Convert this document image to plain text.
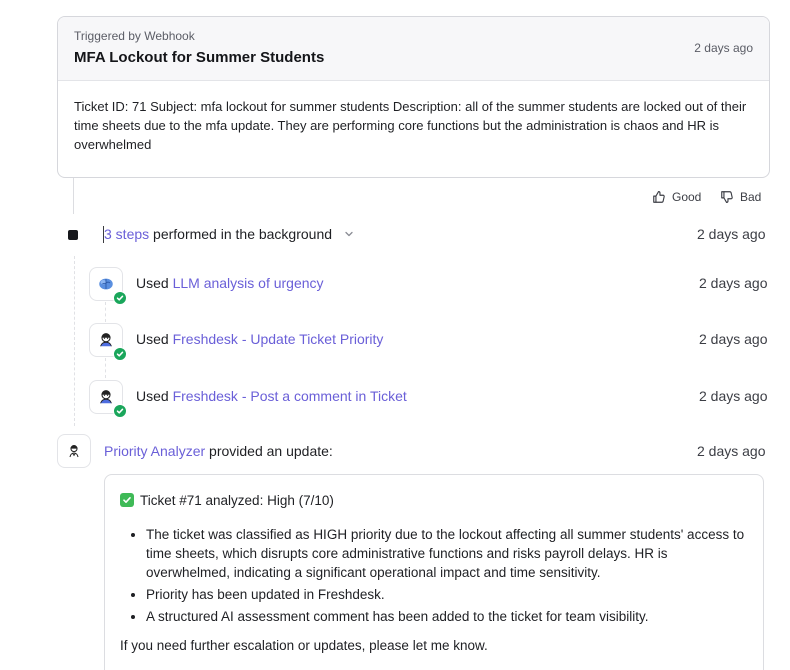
Triggered by Webhook
MFA Lockout for Summer Students
2 days ago
Ticket ID: 71 Subject: mfa lockout for summer students Description: all of the summer students are locked out of their time sheets due to the mfa update. They are performing core functions but the administration is chaos and HR is overwhelmed
Good	Bad
3 steps performed in the background	2 days ago
Used LLM analysis of urgency	2 days ago
Used Freshdesk - Update Ticket Priority	2 days ago
Used Freshdesk - Post a comment in Ticket	2 days ago
Priority Analyzer provided an update:	2 days ago
Ticket #71 analyzed: High (7/10)
• The ticket was classified as HIGH priority due to the lockout affecting all summer students' access to time sheets, which disrupts core administrative functions and risks payroll delays. HR is overwhelmed, indicating a significant operational impact and time sensitivity.
• Priority has been updated in Freshdesk.
• A structured AI assessment comment has been added to the ticket for team visibility.
If you need further escalation or updates, please let me know.
